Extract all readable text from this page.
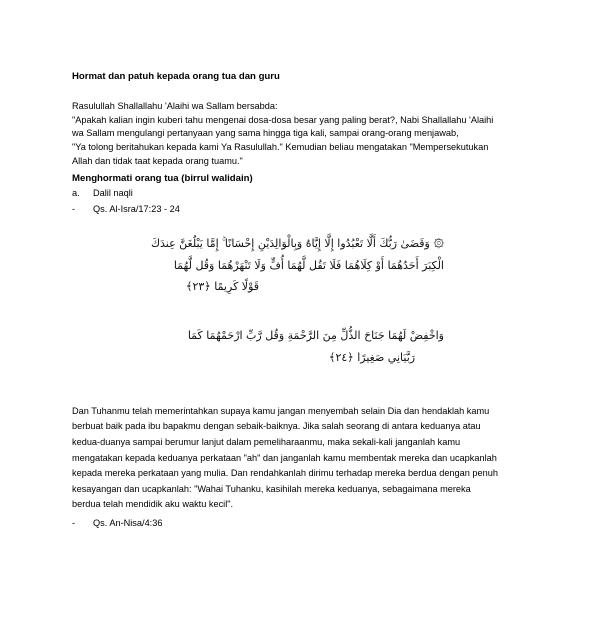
Hormat dan patuh kepada orang tua dan guru
Rasulullah Shallallahu 'Alaihi wa Sallam bersabda:
"Apakah kalian ingin kuberi tahu mengenai dosa-dosa besar yang paling berat?, Nabi Shallallahu 'Alaihi
wa Sallam mengulangi pertanyaan yang sama hingga tiga kali, sampai orang-orang menjawab,
"Ya tolong beritahukan kepada kami Ya Rasulullah." Kemudian beliau mengatakan "Mempersekutukan
Allah dan tidak taat kepada orang tuamu."
Menghormati orang tua (birrul walidain)
a. Dalil naqli
- Qs. Al-Isra/17:23 - 24
۞ وَقَضَىٰ رَبُّكَ أَلَّا تَعْبُدُوا إِلَّا إِيَّاهُ وَبِالْوَالِدَيْنِ إِحْسَانًا ۚ إِمَّا يَبْلُغَنَّ عِندَكَ
الْكِبَرَ أَحَدُهُمَا أَوْ كِلَاهُمَا فَلَا تَقُل لَّهُمَا أُفٍّ وَلَا تَنْهَرْهُمَا وَقُل لَّهُمَا
قَوْلًا كَرِيمًا ﴿٢٣﴾
وَاخْفِضْ لَهُمَا جَنَاحَ الذُّلِّ مِنَ الرَّحْمَةِ وَقُل رَّبِّ ارْحَمْهُمَا كَمَا
رَبَّيَانِي صَغِيرًا ﴿٢٤﴾
Dan Tuhanmu telah memerintahkan supaya kamu jangan menyembah selain Dia dan hendaklah kamu
berbuat baik pada ibu bapakmu dengan sebaik-baiknya. Jika salah seorang di antara keduanya atau
kedua-duanya sampai berumur lanjut dalam pemeliharaanmu, maka sekali-kali janganlah kamu
mengatakan kepada keduanya perkataan "ah" dan janganlah kamu membentak mereka dan ucapkanlah
kepada mereka perkataan yang mulia. Dan rendahkanlah dirimu terhadap mereka berdua dengan penuh
kesayangan dan ucapkanlah: "Wahai Tuhanku, kasihilah mereka keduanya, sebagaimana mereka
berdua telah mendidik aku waktu kecil".
- Qs. An-Nisa/4:36
